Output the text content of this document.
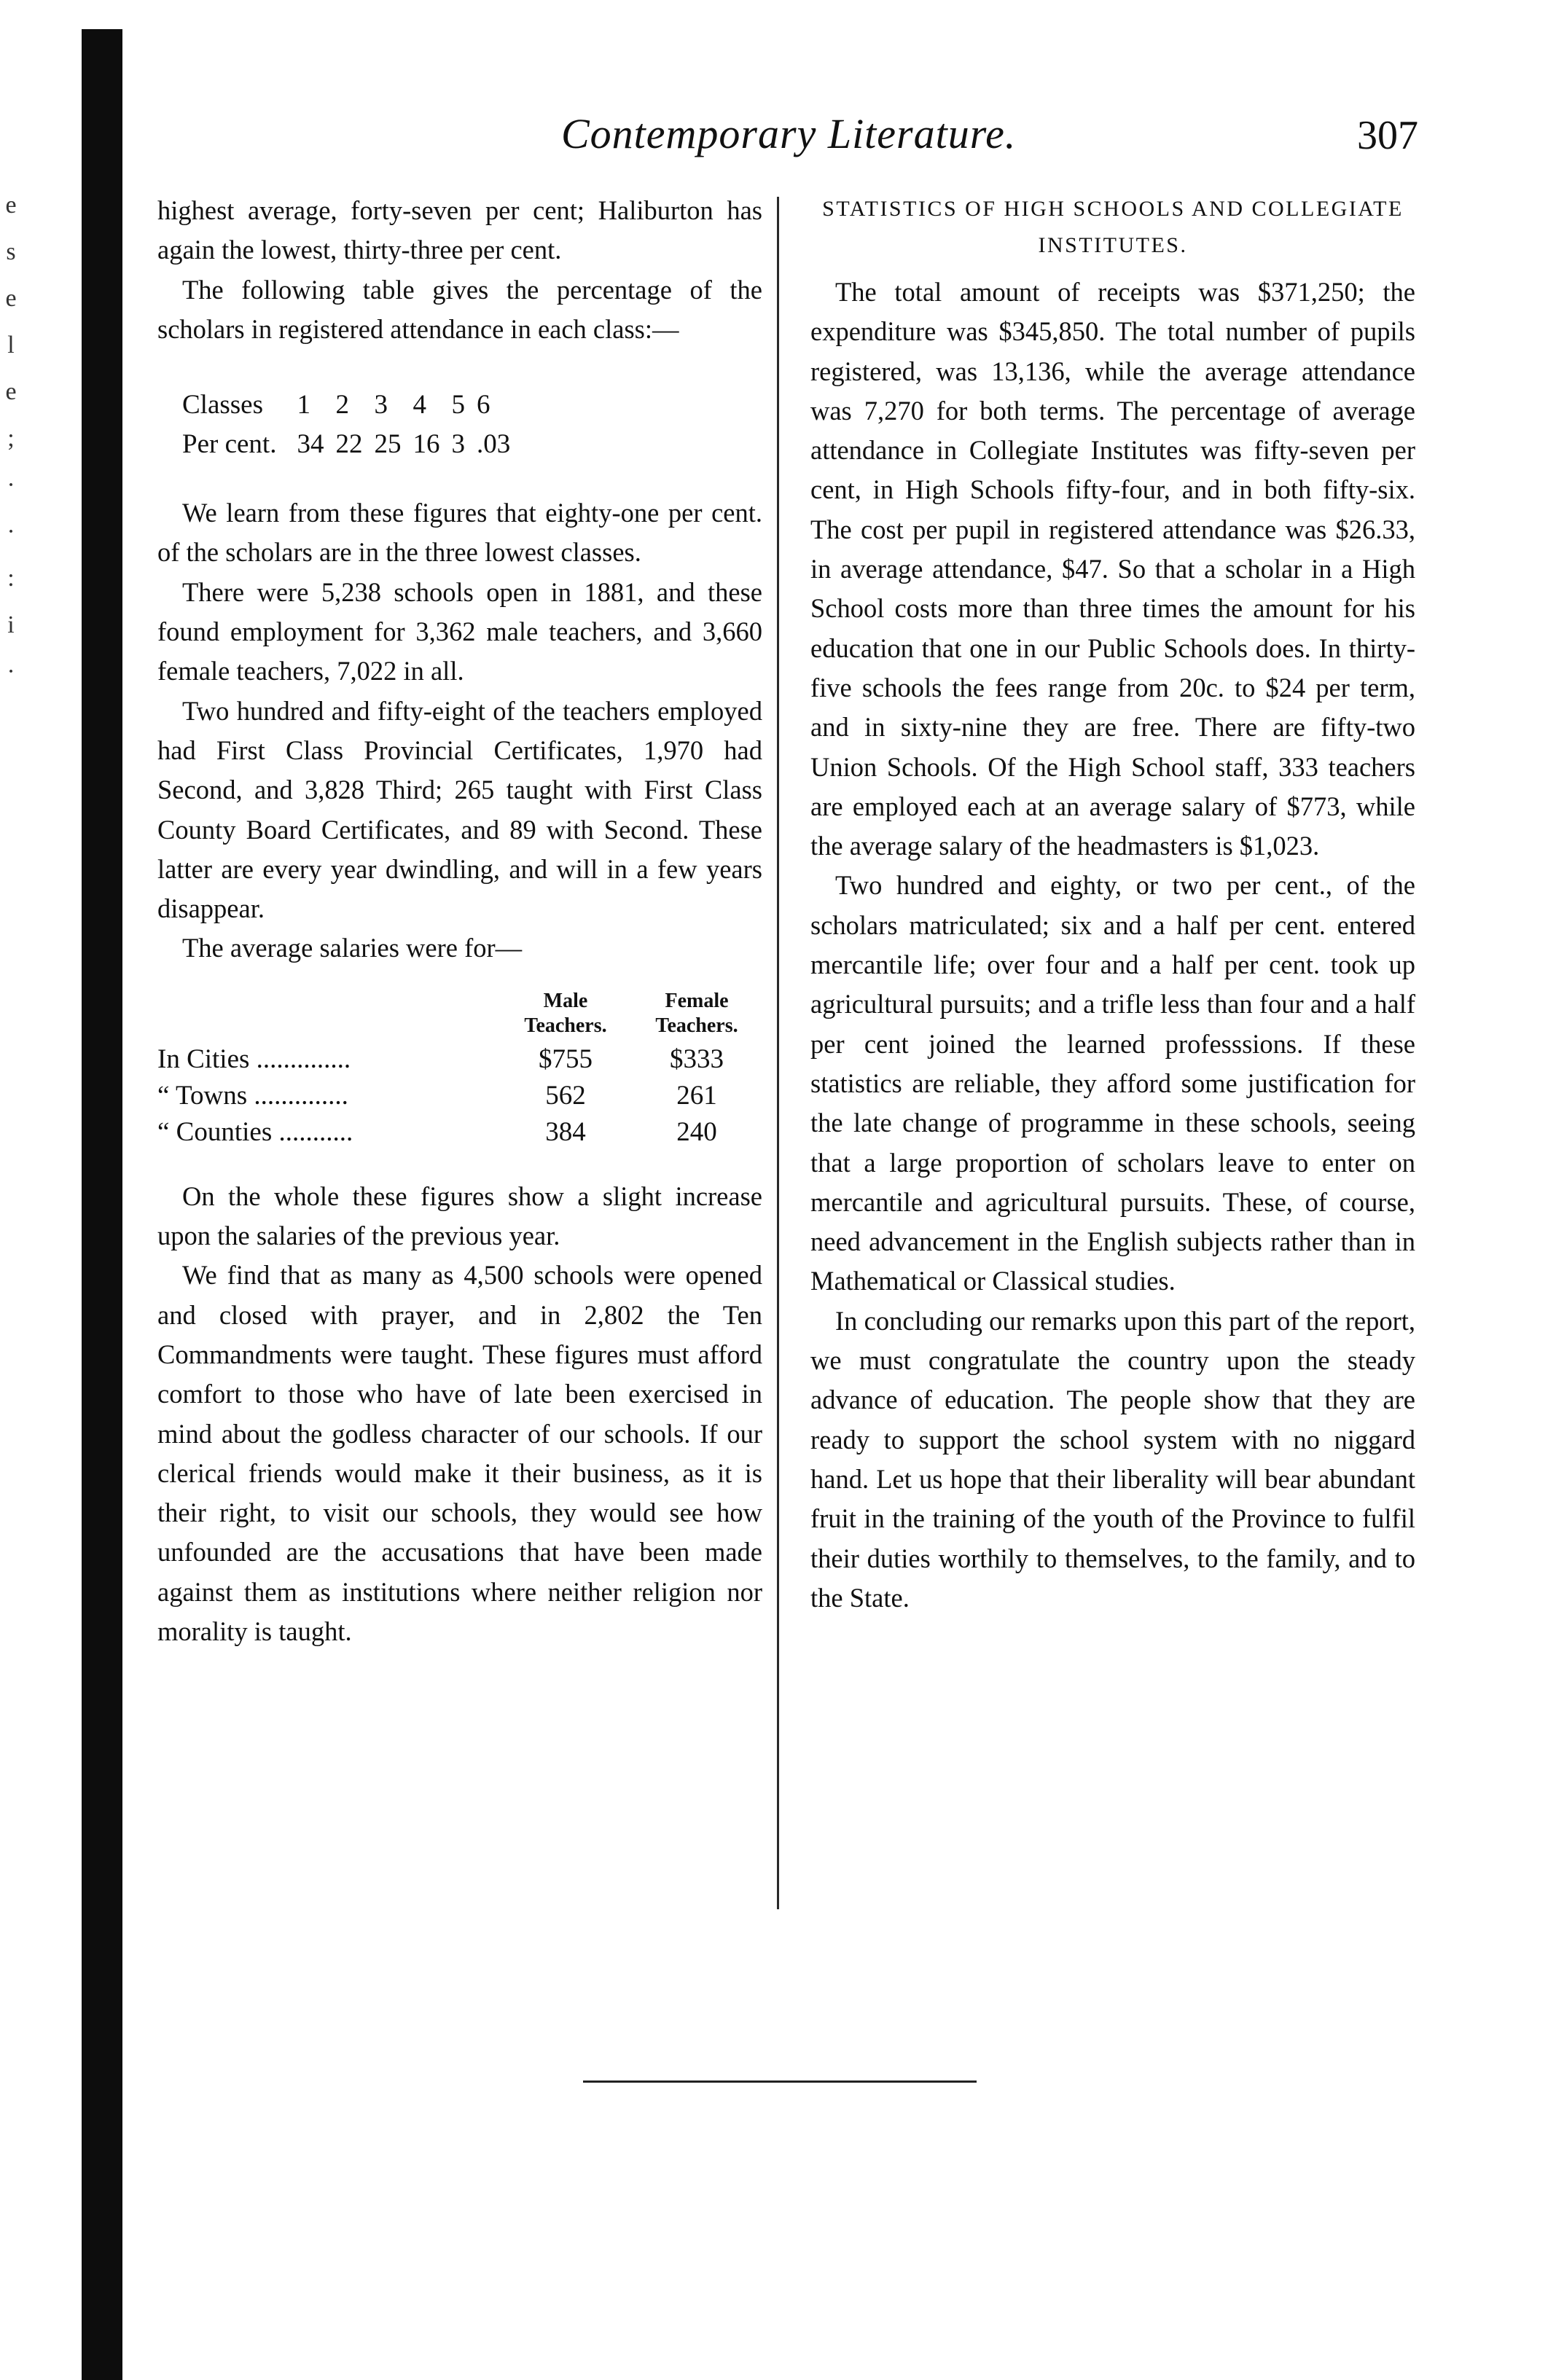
e
s
e
l
e
;
·
·
:
i
·
Contemporary Literature.	307

highest average, forty-seven per cent; Haliburton has again the lowest, thirty-three per cent.

The following table gives the percentage of the scholars in registered attendance in each class:—

Classes	1	2	3	4	5	6
Per cent.	34	22	25	16	3	.03

We learn from these figures that eighty-one per cent. of the scholars are in the three lowest classes.

There were 5,238 schools open in 1881, and these found employment for 3,362 male teachers, and 3,660 female teachers, 7,022 in all.

Two hundred and fifty-eight of the teachers employed had First Class Provincial Certificates, 1,970 had Second, and 3,828 Third; 265 taught with First Class County Board Certificates, and 89 with Second. These latter are every year dwindling, and will in a few years disappear.

The average salaries were for—

	Male Teachers.	Female Teachers.
In Cities ..............	$755	$333
“ Towns ..............	562	261
“ Counties ...........	384	240

On the whole these figures show a slight increase upon the salaries of the previous year.

We find that as many as 4,500 schools were opened and closed with prayer, and in 2,802 the Ten Commandments were taught. These figures must afford comfort to those who have of late been exercised in mind about the godless character of our schools. If our clerical friends would make it their business, as it is their right, to visit our schools, they would see how unfounded are the accusations that have been made against them as institutions where neither religion nor morality is taught.

STATISTICS OF HIGH SCHOOLS AND COLLEGIATE INSTITUTES.

The total amount of receipts was $371,250; the expenditure was $345,850. The total number of pupils registered, was 13,136, while the average attendance was 7,270 for both terms. The percentage of average attendance in Collegiate Institutes was fifty-seven per cent, in High Schools fifty-four, and in both fifty-six. The cost per pupil in registered attendance was $26.33, in average attendance, $47. So that a scholar in a High School costs more than three times the amount for his education that one in our Public Schools does. In thirty-five schools the fees range from 20c. to $24 per term, and in sixty-nine they are free. There are fifty-two Union Schools. Of the High School staff, 333 teachers are employed each at an average salary of $773, while the average salary of the headmasters is $1,023.

Two hundred and eighty, or two per cent., of the scholars matriculated; six and a half per cent. entered mercantile life; over four and a half per cent. took up agricultural pursuits; and a trifle less than four and a half per cent joined the learned professsions. If these statistics are reliable, they afford some justification for the late change of programme in these schools, seeing that a large proportion of scholars leave to enter on mercantile and agricultural pursuits. These, of course, need advancement in the English subjects rather than in Mathematical or Classical studies.

In concluding our remarks upon this part of the report, we must congratulate the country upon the steady advance of education. The people show that they are ready to support the school system with no niggard hand. Let us hope that their liberality will bear abundant fruit in the training of the youth of the Province to fulfil their duties worthily to themselves, to the family, and to the State.
